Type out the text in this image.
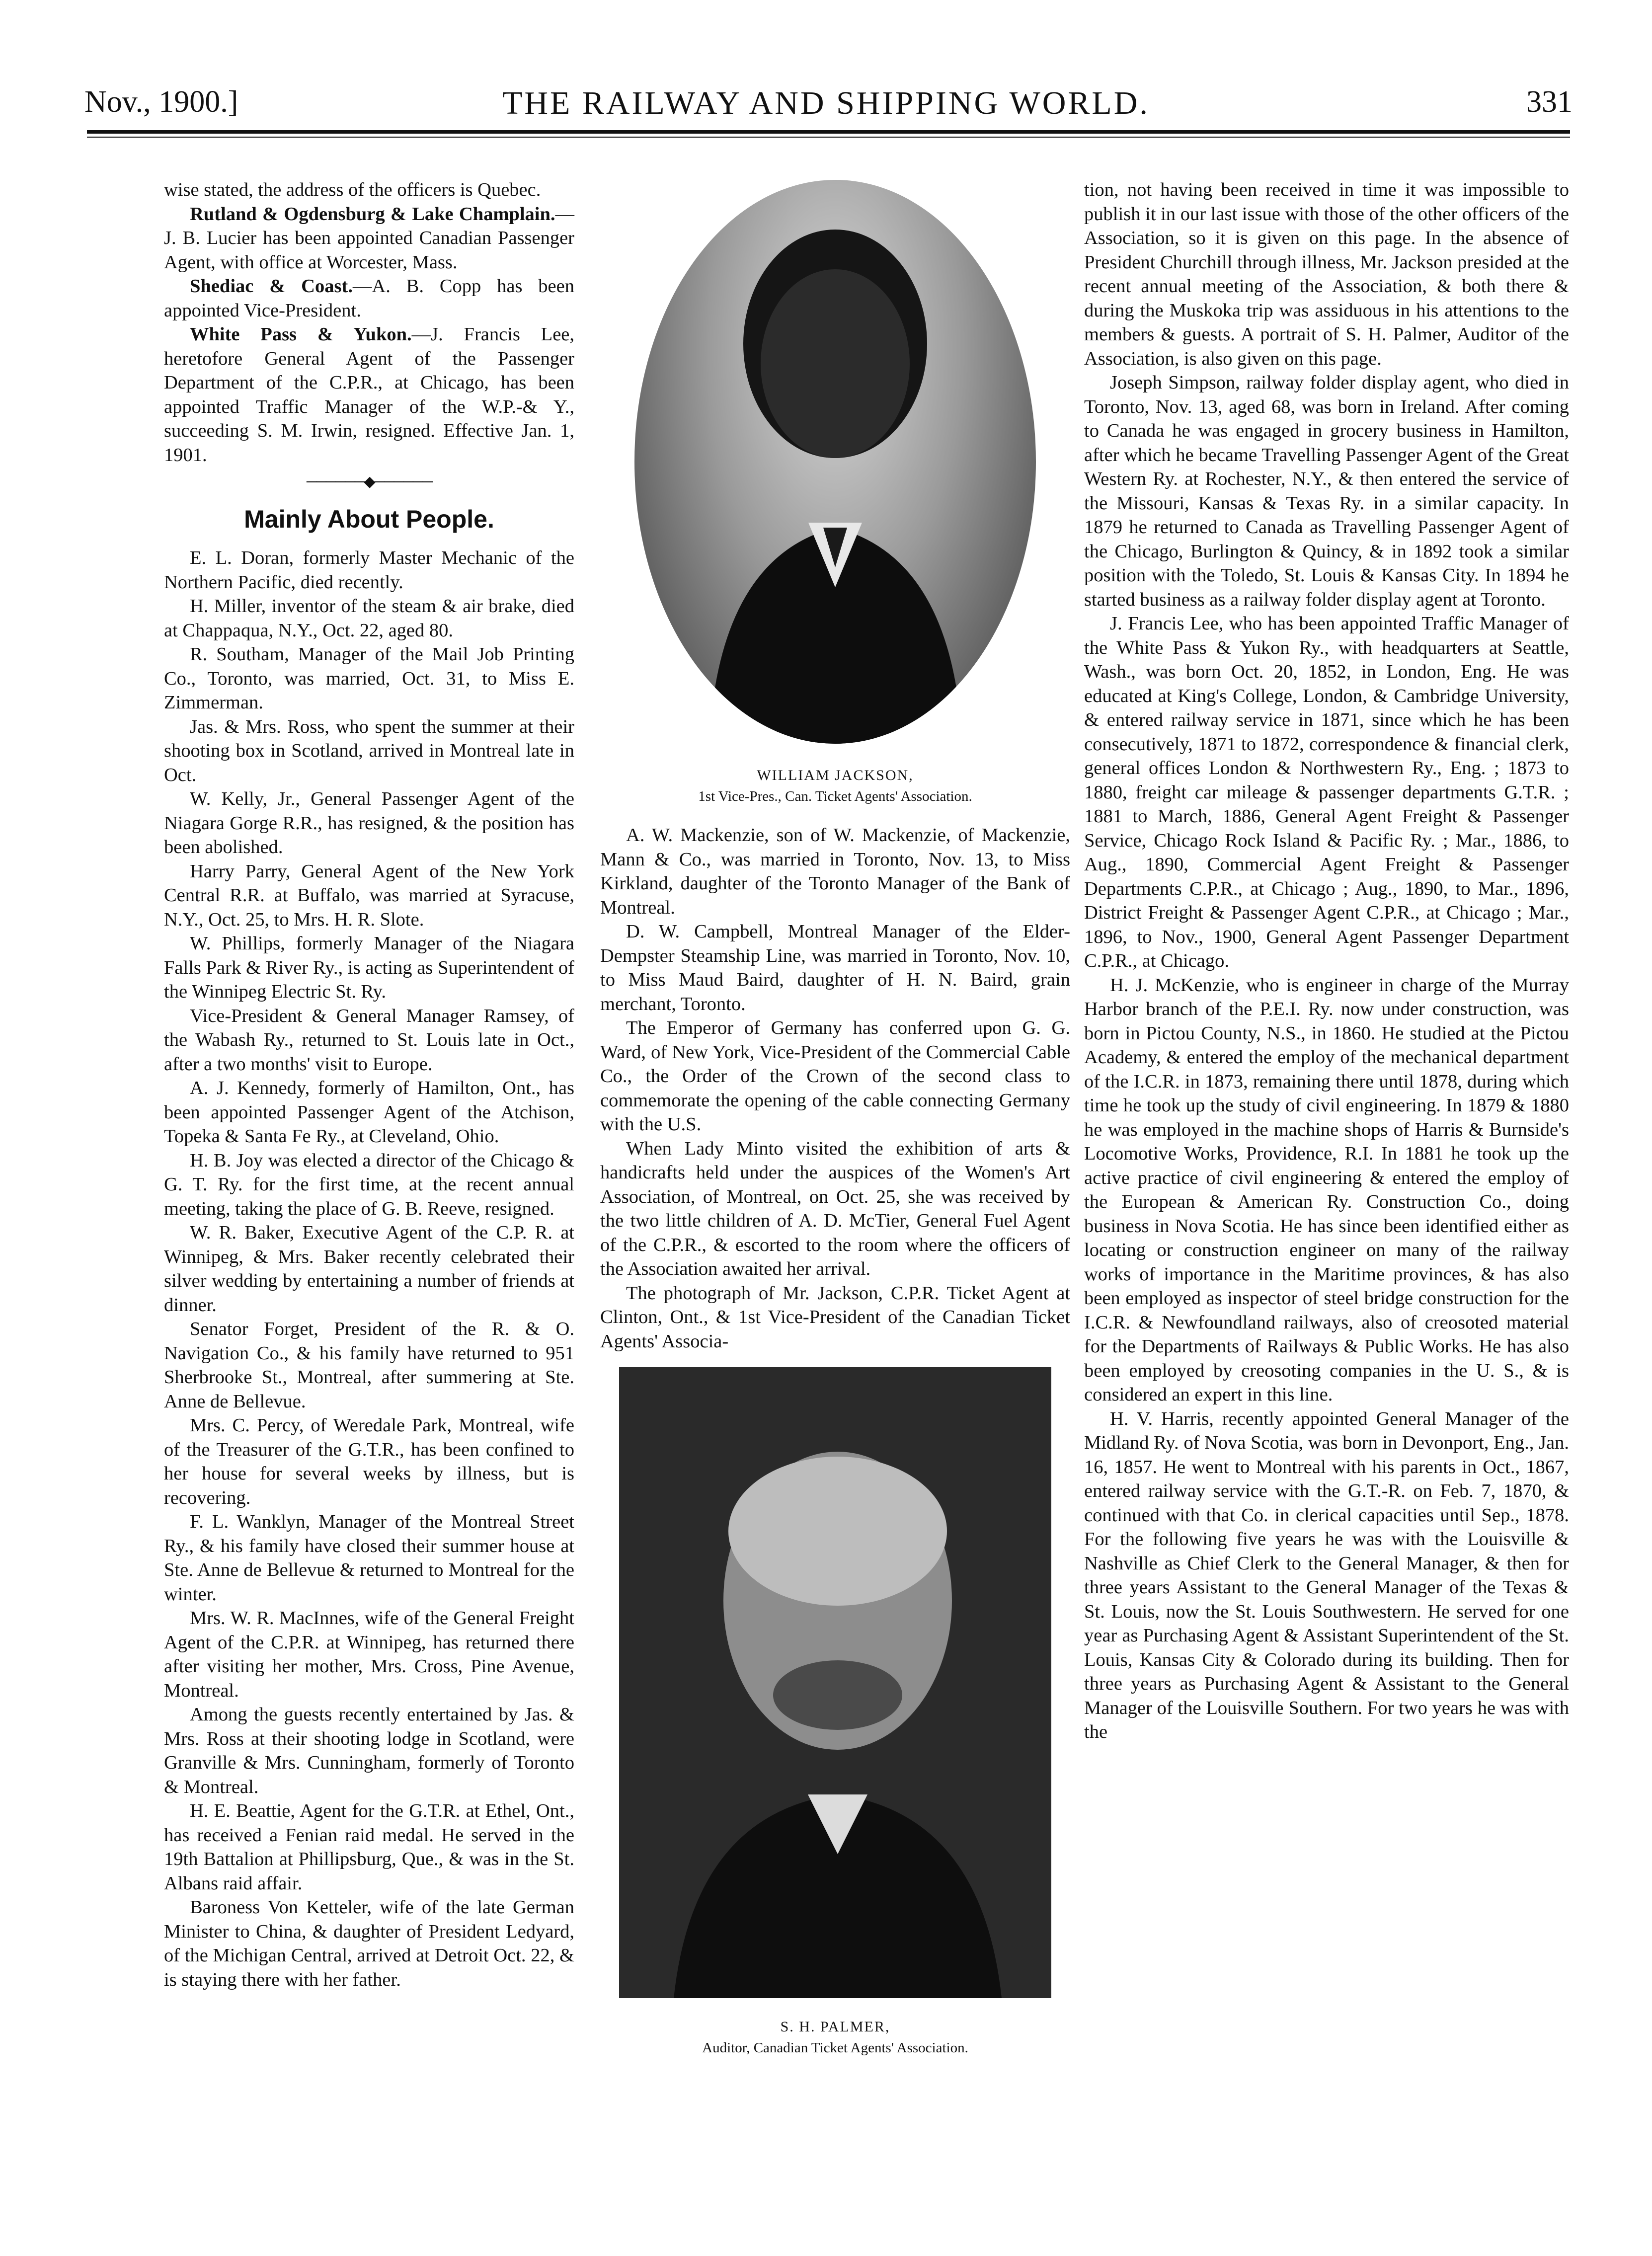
Nov., 1900.]	THE RAILWAY AND SHIPPING WORLD.	331

wise stated, the address of the officers is Quebec.

Rutland & Ogdensburg & Lake Champlain.—J. B. Lucier has been appointed Canadian Passenger Agent, with office at Worcester, Mass.

Shediac & Coast.—A. B. Copp has been appointed Vice-President.

White Pass & Yukon.—J. Francis Lee, heretofore General Agent of the Passenger Department of the C.P.R., at Chicago, has been appointed Traffic Manager of the W.P.-& Y., succeeding S. M. Irwin, resigned. Effective Jan. 1, 1901.

──────◆──────
Mainly About People.

E. L. Doran, formerly Master Mechanic of the Northern Pacific, died recently.

H. Miller, inventor of the steam & air brake, died at Chappaqua, N.Y., Oct. 22, aged 80.

R. Southam, Manager of the Mail Job Printing Co., Toronto, was married, Oct. 31, to Miss E. Zimmerman.

Jas. & Mrs. Ross, who spent the summer at their shooting box in Scotland, arrived in Montreal late in Oct.

W. Kelly, Jr., General Passenger Agent of the Niagara Gorge R.R., has resigned, & the position has been abolished.

Harry Parry, General Agent of the New York Central R.R. at Buffalo, was married at Syracuse, N.Y., Oct. 25, to Mrs. H. R. Slote.

W. Phillips, formerly Manager of the Niagara Falls Park & River Ry., is acting as Superintendent of the Winnipeg Electric St. Ry.

Vice-President & General Manager Ramsey, of the Wabash Ry., returned to St. Louis late in Oct., after a two months' visit to Europe.

A. J. Kennedy, formerly of Hamilton, Ont., has been appointed Passenger Agent of the Atchison, Topeka & Santa Fe Ry., at Cleveland, Ohio.

H. B. Joy was elected a director of the Chicago & G. T. Ry. for the first time, at the recent annual meeting, taking the place of G. B. Reeve, resigned.

W. R. Baker, Executive Agent of the C.P. R. at Winnipeg, & Mrs. Baker recently celebrated their silver wedding by entertaining a number of friends at dinner.

Senator Forget, President of the R. & O. Navigation Co., & his family have returned to 951 Sherbrooke St., Montreal, after summering at Ste. Anne de Bellevue.

Mrs. C. Percy, of Weredale Park, Montreal, wife of the Treasurer of the G.T.R., has been confined to her house for several weeks by illness, but is recovering.

F. L. Wanklyn, Manager of the Montreal Street Ry., & his family have closed their summer house at Ste. Anne de Bellevue & returned to Montreal for the winter.

Mrs. W. R. MacInnes, wife of the General Freight Agent of the C.P.R. at Winnipeg, has returned there after visiting her mother, Mrs. Cross, Pine Avenue, Montreal.

Among the guests recently entertained by Jas. & Mrs. Ross at their shooting lodge in Scotland, were Granville & Mrs. Cunningham, formerly of Toronto & Montreal.

H. E. Beattie, Agent for the G.T.R. at Ethel, Ont., has received a Fenian raid medal. He served in the 19th Battalion at Phillipsburg, Que., & was in the St. Albans raid affair.

Baroness Von Ketteler, wife of the late German Minister to China, & daughter of President Ledyard, of the Michigan Central, arrived at Detroit Oct. 22, & is staying there with her father.

WILLIAM JACKSON,
1st Vice-Pres., Can. Ticket Agents' Association.

A. W. Mackenzie, son of W. Mackenzie, of Mackenzie, Mann & Co., was married in Toronto, Nov. 13, to Miss Kirkland, daughter of the Toronto Manager of the Bank of Montreal.

D. W. Campbell, Montreal Manager of the Elder-Dempster Steamship Line, was married in Toronto, Nov. 10, to Miss Maud Baird, daughter of H. N. Baird, grain merchant, Toronto.

The Emperor of Germany has conferred upon G. G. Ward, of New York, Vice-President of the Commercial Cable Co., the Order of the Crown of the second class to commemorate the opening of the cable connecting Germany with the U.S.

When Lady Minto visited the exhibition of arts & handicrafts held under the auspices of the Women's Art Association, of Montreal, on Oct. 25, she was received by the two little children of A. D. McTier, General Fuel Agent of the C.P.R., & escorted to the room where the officers of the Association awaited her arrival.

The photograph of Mr. Jackson, C.P.R. Ticket Agent at Clinton, Ont., & 1st Vice-President of the Canadian Ticket Agents' Associa-

S. H. PALMER,
Auditor, Canadian Ticket Agents' Association.

tion, not having been received in time it was impossible to publish it in our last issue with those of the other officers of the Association, so it is given on this page. In the absence of President Churchill through illness, Mr. Jackson presided at the recent annual meeting of the Association, & both there & during the Muskoka trip was assiduous in his attentions to the members & guests. A portrait of S. H. Palmer, Auditor of the Association, is also given on this page.

Joseph Simpson, railway folder display agent, who died in Toronto, Nov. 13, aged 68, was born in Ireland. After coming to Canada he was engaged in grocery business in Hamilton, after which he became Travelling Passenger Agent of the Great Western Ry. at Rochester, N.Y., & then entered the service of the Missouri, Kansas & Texas Ry. in a similar capacity. In 1879 he returned to Canada as Travelling Passenger Agent of the Chicago, Burlington & Quincy, & in 1892 took a similar position with the Toledo, St. Louis & Kansas City. In 1894 he started business as a railway folder display agent at Toronto.

J. Francis Lee, who has been appointed Traffic Manager of the White Pass & Yukon Ry., with headquarters at Seattle, Wash., was born Oct. 20, 1852, in London, Eng. He was educated at King's College, London, & Cambridge University, & entered railway service in 1871, since which he has been consecutively, 1871 to 1872, correspondence & financial clerk, general offices London & Northwestern Ry., Eng. ; 1873 to 1880, freight car mileage & passenger departments G.T.R. ; 1881 to March, 1886, General Agent Freight & Passenger Service, Chicago Rock Island & Pacific Ry. ; Mar., 1886, to Aug., 1890, Commercial Agent Freight & Passenger Departments C.P.R., at Chicago ; Aug., 1890, to Mar., 1896, District Freight & Passenger Agent C.P.R., at Chicago ; Mar., 1896, to Nov., 1900, General Agent Passenger Department C.P.R., at Chicago.

H. J. McKenzie, who is engineer in charge of the Murray Harbor branch of the P.E.I. Ry. now under construction, was born in Pictou County, N.S., in 1860. He studied at the Pictou Academy, & entered the employ of the mechanical department of the I.C.R. in 1873, remaining there until 1878, during which time he took up the study of civil engineering. In 1879 & 1880 he was employed in the machine shops of Harris & Burnside's Locomotive Works, Providence, R.I. In 1881 he took up the active practice of civil engineering & entered the employ of the European & American Ry. Construction Co., doing business in Nova Scotia. He has since been identified either as locating or construction engineer on many of the railway works of importance in the Maritime provinces, & has also been employed as inspector of steel bridge construction for the I.C.R. & Newfoundland railways, also of creosoted material for the Departments of Railways & Public Works. He has also been employed by creosoting companies in the U. S., & is considered an expert in this line.

H. V. Harris, recently appointed General Manager of the Midland Ry. of Nova Scotia, was born in Devonport, Eng., Jan. 16, 1857. He went to Montreal with his parents in Oct., 1867, entered railway service with the G.T.-R. on Feb. 7, 1870, & continued with that Co. in clerical capacities until Sep., 1878. For the following five years he was with the Louisville & Nashville as Chief Clerk to the General Manager, & then for three years Assistant to the General Manager of the Texas & St. Louis, now the St. Louis Southwestern. He served for one year as Purchasing Agent & Assistant Superintendent of the St. Louis, Kansas City & Colorado during its building. Then for three years as Purchasing Agent & Assistant to the General Manager of the Louisville Southern. For two years he was with the
